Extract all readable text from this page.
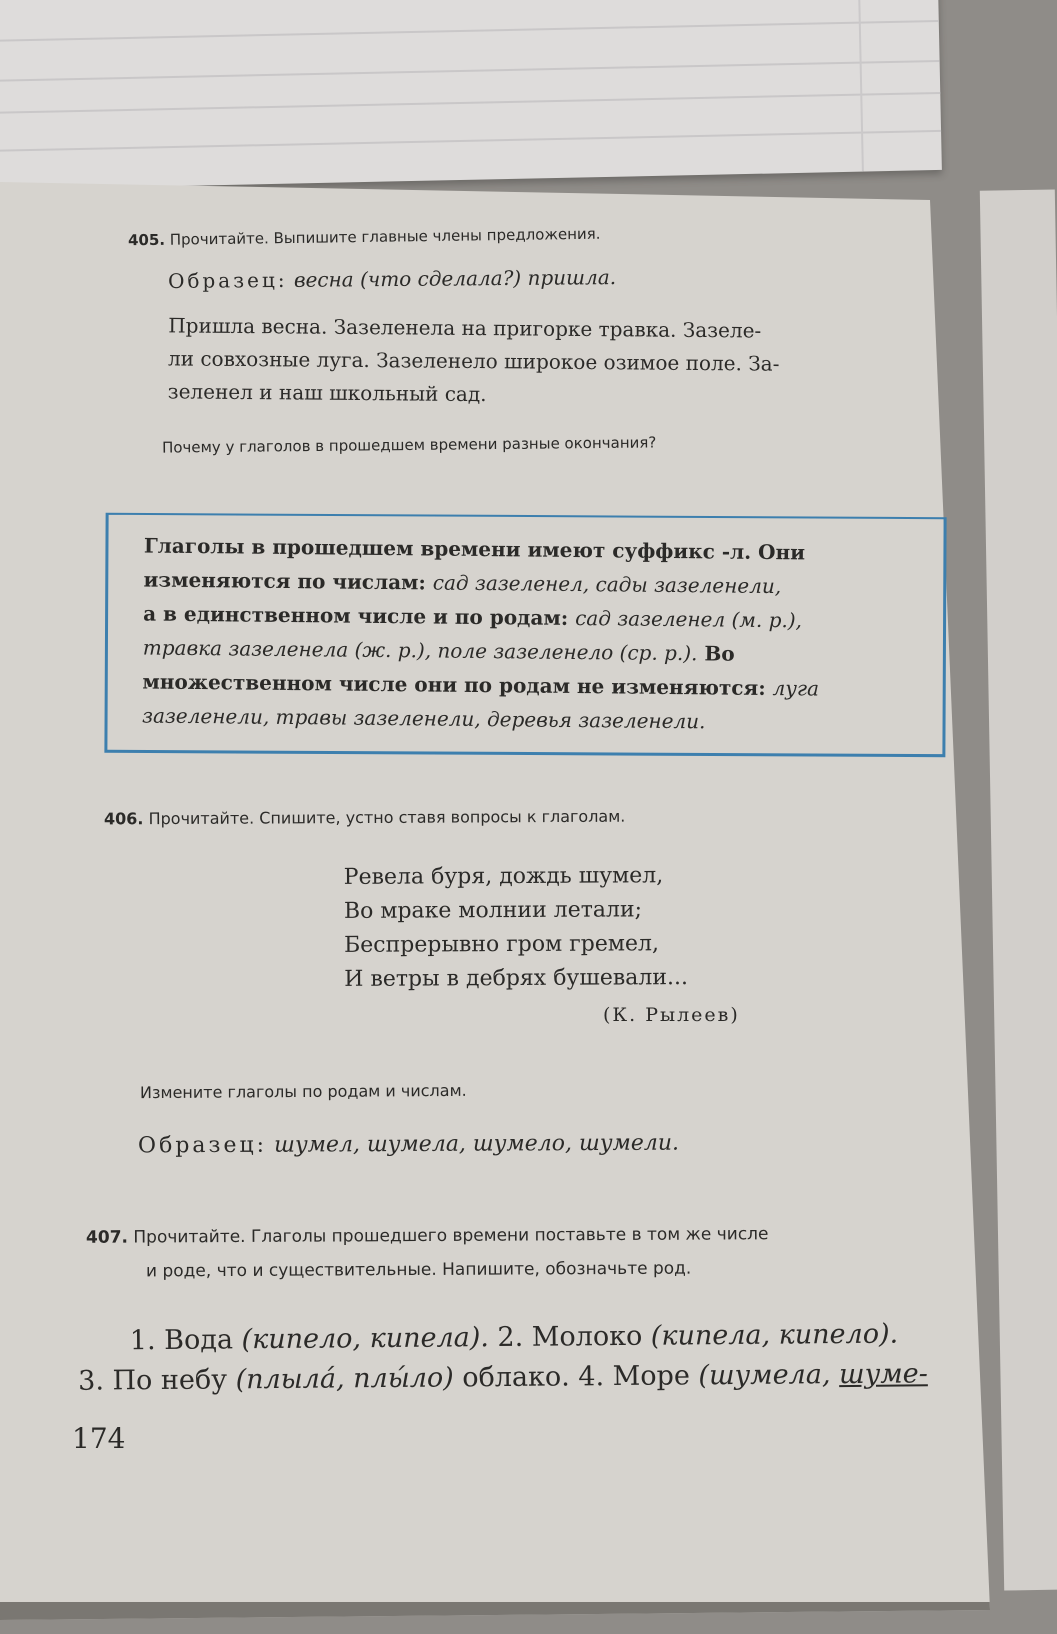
405. Прочитайте. Выпишите главные члены предложения.
Образец: весна (что сделала?) пришла.
Пришла весна. Зазеленела на пригорке травка. Зазеле-
ли совхозные луга. Зазеленело широкое озимое поле. За-
зеленел и наш школьный сад.
Почему у глаголов в прошедшем времени разные окончания?
Глаголы в прошедшем времени имеют суффикс -л. Они
изменяются по числам: сад зазеленел, сады зазеленели,
а в единственном числе и по родам: сад зазеленел (м. р.),
травка зазеленела (ж. р.), поле зазеленело (ср. р.). Во
множественном числе они по родам не изменяются: луга
зазеленели, травы зазеленели, деревья зазеленели.
406. Прочитайте. Спишите, устно ставя вопросы к глаголам.
Ревела буря, дождь шумел,
Во мраке молнии летали;
Беспрерывно гром гремел,
И ветры в дебрях бушевали...
(К. Рылеев)
Измените глаголы по родам и числам.
Образец: шумел, шумела, шумело, шумели.
407. Прочитайте. Глаголы прошедшего времени поставьте в том же числе
и роде, что и существительные. Напишите, обозначьте род.
1. Вода (кипело, кипела). 2. Молоко (кипела, кипело).
3. По небу (плылá, плы́ло) облако. 4. Море (шумела, шуме-
174
